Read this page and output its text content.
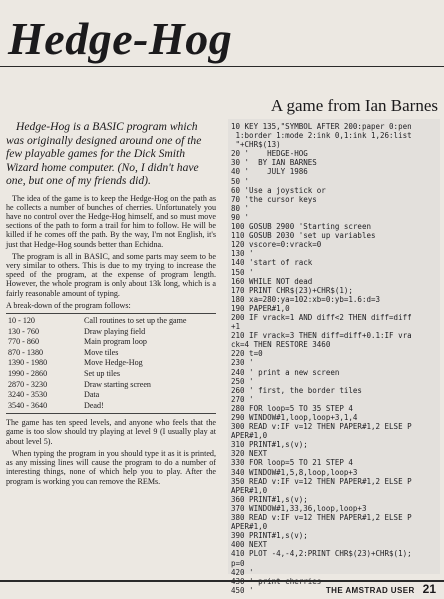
Hedge-Hog
A game from Ian Barnes

Hedge-Hog is a BASIC program which was originally designed around one of the few playable games for the Dick Smith Wizard home computer. (No, I didn't have one, but one of my friends did).

The idea of the game is to keep the Hedge-Hog on the path as he collects a number of bunches of cherries. Unfortunately you have no control over the Hedge-Hog himself, and so must move sections of the path to form a trail for him to follow. He will be killed if he comes off the path. By the way, I'm not English, it's just that Hedge-Hog sounds better than Echidna.

The program is all in BASIC, and some parts may seem to be very similar to others. This is due to my trying to increase the speed of the program, at the expense of program length. However, the whole program is only about 13k long, which is a fairly reasonable amount of typing.

A break-down of the program follows:

10 - 120	Call routines to set up the game
130 - 760	Draw playing field
770 - 860	Main program loop
870 - 1380	Move tiles
1390 - 1980	Move Hedge-Hog
1990 - 2860	Set up tiles
2870 - 3230	Draw starting screen
3240 - 3530	Data
3540 - 3640	Dead!

The game has ten speed levels, and anyone who feels that the game is too slow should try playing at level 9 (I usually play at about level 5).

When typing the program in you should type it as it is printed, as any missing lines will cause the program to do a number of interesting things, none of which help you to play. After the program is working you can remove the REMs.

10 KEY 135,"SYMBOL AFTER 200:paper 0:pen
1:border 1:mode 2:ink 0,1:ink 1,26:list
"+CHR$(13)
20 '    HEDGE-HOG
30 '  BY IAN BARNES
40 '    JULY 1986
50 '
60 'Use a joystick or
70 'the cursor keys
80 '
90 '
100 GOSUB 2900 'Starting screen
110 GOSUB 2030 'set up variables
120 vscore=0:vrack=0
130 '
140 'start of rack
150 '
160 WHILE NOT dead
170 PRINT CHR$(23)+CHR$(1);
180 xa=280:ya=102:xb=0:yb=1.6:d=3
190 PAPER#1,0
200 IF vrack=1 AND diff<2 THEN diff=diff
+1
210 IF vrack=3 THEN diff=diff+0.1:IF vra
ck=4 THEN RESTORE 3460
220 t=0
230 '
240 ' print a new screen
250 '
260 ' first, the border tiles
270 '
280 FOR loop=5 TO 35 STEP 4
290 WINDOW#1,loop,loop+3,1,4
300 READ v:IF v=12 THEN PAPER#1,2 ELSE P
APER#1,0
310 PRINT#1,s(v);
320 NEXT
330 FOR loop=5 TO 21 STEP 4
340 WINDOW#1,5,8,loop,loop+3
350 READ v:IF v=12 THEN PAPER#1,2 ELSE P
APER#1,0
360 PRINT#1,s(v);
370 WINDOW#1,33,36,loop,loop+3
380 READ v:IF v=12 THEN PAPER#1,2 ELSE P
APER#1,0
390 PRINT#1,s(v);
400 NEXT
410 PLOT -4,-4,2:PRINT CHR$(23)+CHR$(1);
p=0
420 '
430 ' print cherries
450 '	THE AMSTRAD USER 21
